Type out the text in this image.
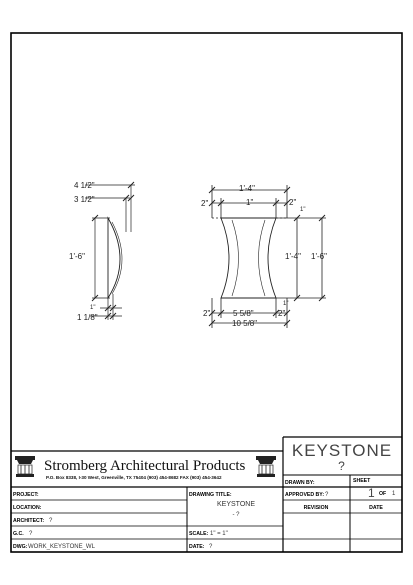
4 1/2"
3 1/2"
1'-6"
1"
1 1/8"
1'-4"
2"	1"	2"
1"
1'-4" 1'-6"
1"
2"	5 5/8"	2"
10 5/8"
Stromberg Architectural Products
P.O. Box 8338, I-30 West, Greenville, TX 75404 (903) 454-8682 FAX (903) 454-3642
KEYSTONE
?
PROJECT:
LOCATION:
ARCHITECT: ?
G.C. ?
DWG: WORK_KEYSTONE_WL
DRAWING TITLE:
KEYSTONE
- ?
SCALE: 1" = 1"
DATE: ?
DRAWN BY:
APPROVED BY: ?
SHEET
1 OF 1
REVISION	DATE
